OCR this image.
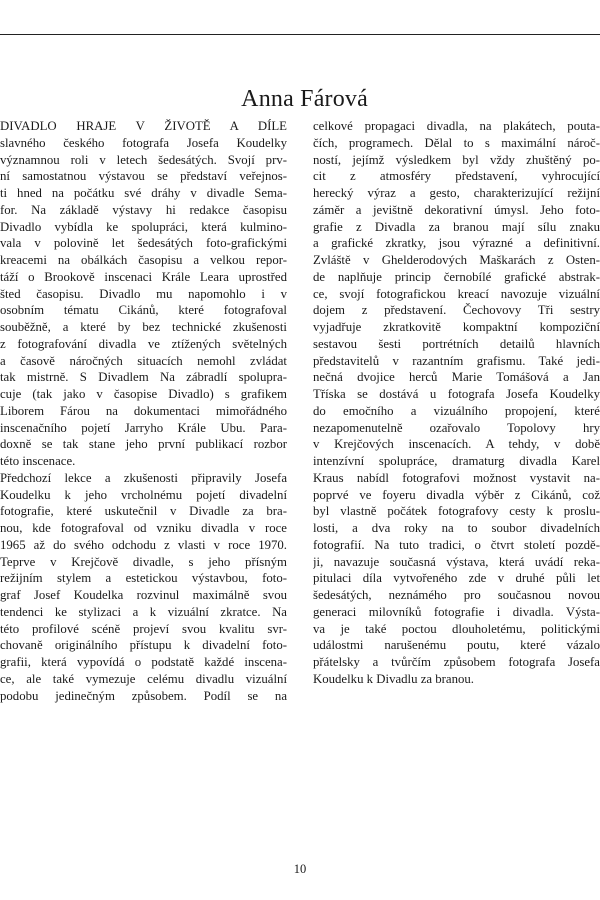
Anna Fárová
DIVADLO HRAJE V ŽIVOTĚ A DÍLE
slavného českého fotografa Josefa Koudelky
významnou roli v letech šedesátých. Svojí prv-
ní samostatnou výstavou se představí veřejnos-
ti hned na počátku své dráhy v divadle Sema-
for. Na základě výstavy hi redakce časopisu
Divadlo vybídla ke spolupráci, která kulmino-
vala v polovině let šedesátých foto-grafickými
kreacemi na obálkách časopisu a velkou repor-
táží o Brookově inscenaci Krále Leara uprostřed
šted časopisu. Divadlo mu napomohlo i v
osobním tématu Cikánů, které fotografoval
souběžně, a které by bez technické zkušenosti
z fotografování divadla ve ztížených světelných
a časově náročných situacích nemohl zvládat
tak mistrně. S Divadlem Na zábradlí spolupra-
cuje (tak jako v časopise Divadlo) s grafikem
Liborem Fárou na dokumentaci mimořádného
inscenačního pojetí Jarryho Krále Ubu. Para-
doxně se tak stane jeho první publikací rozbor
této inscenace.
Předchozí lekce a zkušenosti připravily Josefa
Koudelku k jeho vrcholnému pojetí divadelní
fotografie, které uskutečnil v Divadle za bra-
nou, kde fotografoval od vzniku divadla v roce
1965 až do svého odchodu z vlasti v roce 1970.
Teprve v Krejčově divadle, s jeho přísným
režijním stylem a estetickou výstavbou, foto-
graf Josef Koudelka rozvinul maximálně svou
tendenci ke stylizaci a k vizuální zkratce. Na
této profilové scéně projeví svou kvalitu svr-
chovaně originálního přístupu k divadelní foto-
grafii, která vypovídá o podstatě každé inscena-
ce, ale také vymezuje celému divadlu vizuální
podobu jedinečným způsobem. Podíl se na
celkové propagaci divadla, na plakátech, pouta-
čích, programech. Dělal to s maximální nároč-
ností, jejímž výsledkem byl vždy zhuštěný po-
cit z atmosféry představení, vyhrocující
herecký výraz a gesto, charakterizující režijní
záměr a jevištně dekorativní úmysl. Jeho foto-
grafie z Divadla za branou mají sílu znaku
a grafické zkratky, jsou výrazné a definitivní.
Zvláště v Ghelderodových Maškarách z Osten-
de naplňuje princip černobílé grafické abstrak-
ce, svojí fotografickou kreací navozuje vizuální
dojem z představení. Čechovovy Tři sestry
vyjadřuje zkratkovitě kompaktní kompoziční
sestavou šesti portrétních detailů hlavních
představitelů v razantním grafismu. Také jedi-
nečná dvojice herců Marie Tomášová a Jan
Tříska se dostává u fotografa Josefa Koudelky
do emočního a vizuálního propojení, které
nezapomenutelně ozařovalo Topolovy hry
v Krejčových inscenacích. A tehdy, v době
intenzívní spolupráce, dramaturg divadla Karel
Kraus nabídl fotografovi možnost vystavit na-
poprvé ve foyeru divadla výběr z Cikánů, což
byl vlastně počátek fotografovy cesty k proslu-
losti, a dva roky na to soubor divadelních
fotografií. Na tuto tradici, o čtvrt století pozdě-
ji, navazuje současná výstava, která uvádí reka-
pitulaci díla vytvořeného zde v druhé půli let
šedesátých, neznámého pro současnou novou
generaci milovníků fotografie i divadla. Výsta-
va je také poctou dlouholetému, politickými
událostmi narušenému poutu, které vázalo
přátelsky a tvůrčím způsobem fotografa Josefa
Koudelku k Divadlu za branou.
10
